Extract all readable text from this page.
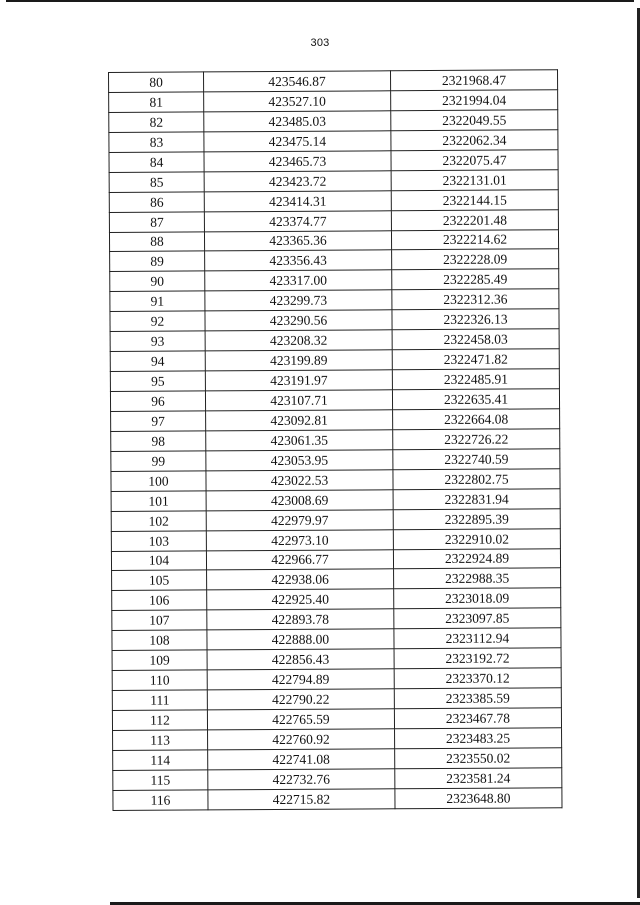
303
80	423546.87	2321968.47
81	423527.10	2321994.04
82	423485.03	2322049.55
83	423475.14	2322062.34
84	423465.73	2322075.47
85	423423.72	2322131.01
86	423414.31	2322144.15
87	423374.77	2322201.48
88	423365.36	2322214.62
89	423356.43	2322228.09
90	423317.00	2322285.49
91	423299.73	2322312.36
92	423290.56	2322326.13
93	423208.32	2322458.03
94	423199.89	2322471.82
95	423191.97	2322485.91
96	423107.71	2322635.41
97	423092.81	2322664.08
98	423061.35	2322726.22
99	423053.95	2322740.59
100	423022.53	2322802.75
101	423008.69	2322831.94
102	422979.97	2322895.39
103	422973.10	2322910.02
104	422966.77	2322924.89
105	422938.06	2322988.35
106	422925.40	2323018.09
107	422893.78	2323097.85
108	422888.00	2323112.94
109	422856.43	2323192.72
110	422794.89	2323370.12
111	422790.22	2323385.59
112	422765.59	2323467.78
113	422760.92	2323483.25
114	422741.08	2323550.02
115	422732.76	2323581.24
116	422715.82	2323648.80
